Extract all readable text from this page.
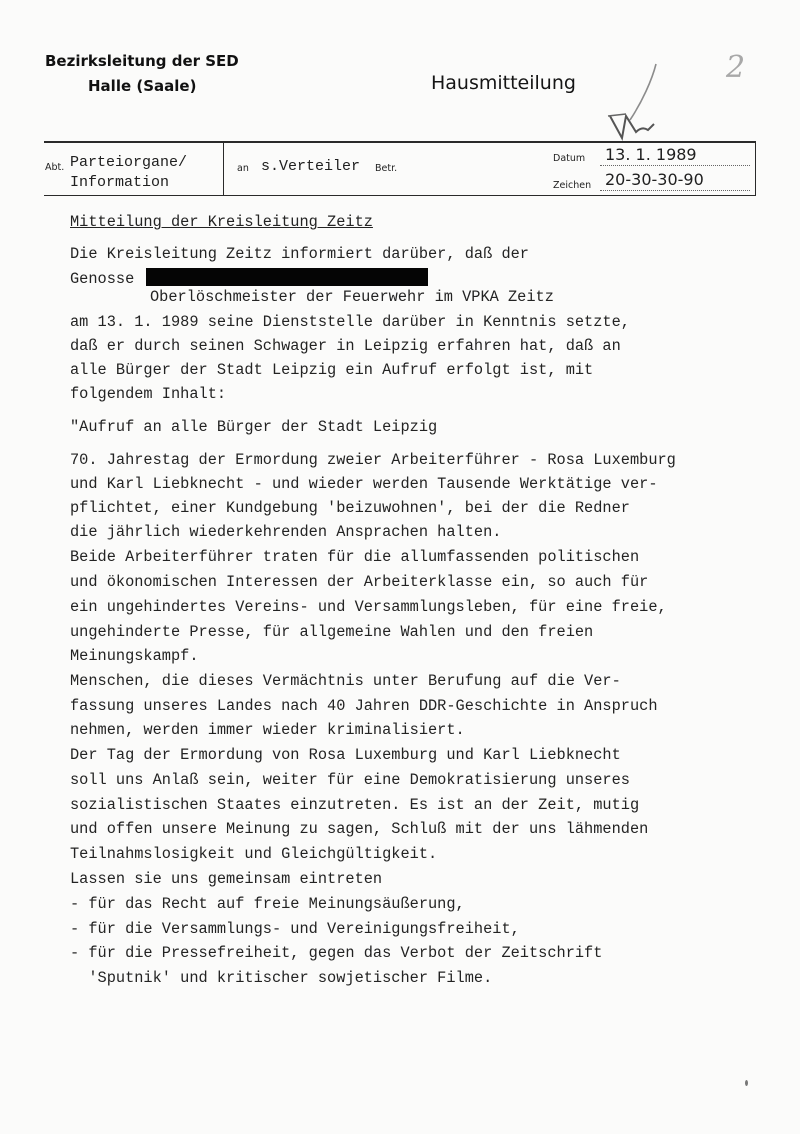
Bezirksleitung der SED
Halle (Saale)	Hausmitteilung	2
Abt. Parteiorgane/
Information
an s.Verteiler Betr.
Datum 13. 1. 1989
Zeichen 20-30-30-90
Mitteilung der Kreisleitung Zeitz
Die Kreisleitung Zeitz informiert darüber, daß der
Genosse
Oberlöschmeister der Feuerwehr im VPKA Zeitz
am 13. 1. 1989 seine Dienststelle darüber in Kenntnis setzte,
daß er durch seinen Schwager in Leipzig erfahren hat, daß an
alle Bürger der Stadt Leipzig ein Aufruf erfolgt ist, mit
folgendem Inhalt:
"Aufruf an alle Bürger der Stadt Leipzig
70. Jahrestag der Ermordung zweier Arbeiterführer - Rosa Luxemburg
und Karl Liebknecht - und wieder werden Tausende Werktätige ver-
pflichtet, einer Kundgebung 'beizuwohnen', bei der die Redner
die jährlich wiederkehrenden Ansprachen halten.
Beide Arbeiterführer traten für die allumfassenden politischen
und ökonomischen Interessen der Arbeiterklasse ein, so auch für
ein ungehindertes Vereins- und Versammlungsleben, für eine freie,
ungehinderte Presse, für allgemeine Wahlen und den freien
Meinungskampf.
Menschen, die dieses Vermächtnis unter Berufung auf die Ver-
fassung unseres Landes nach 40 Jahren DDR-Geschichte in Anspruch
nehmen, werden immer wieder kriminalisiert.
Der Tag der Ermordung von Rosa Luxemburg und Karl Liebknecht
soll uns Anlaß sein, weiter für eine Demokratisierung unseres
sozialistischen Staates einzutreten. Es ist an der Zeit, mutig
und offen unsere Meinung zu sagen, Schluß mit der uns lähmenden
Teilnahmslosigkeit und Gleichgültigkeit.
Lassen sie uns gemeinsam eintreten
- für das Recht auf freie Meinungsäußerung,
- für die Versammlungs- und Vereinigungsfreiheit,
- für die Pressefreiheit, gegen das Verbot der Zeitschrift
'Sputnik' und kritischer sowjetischer Filme.
